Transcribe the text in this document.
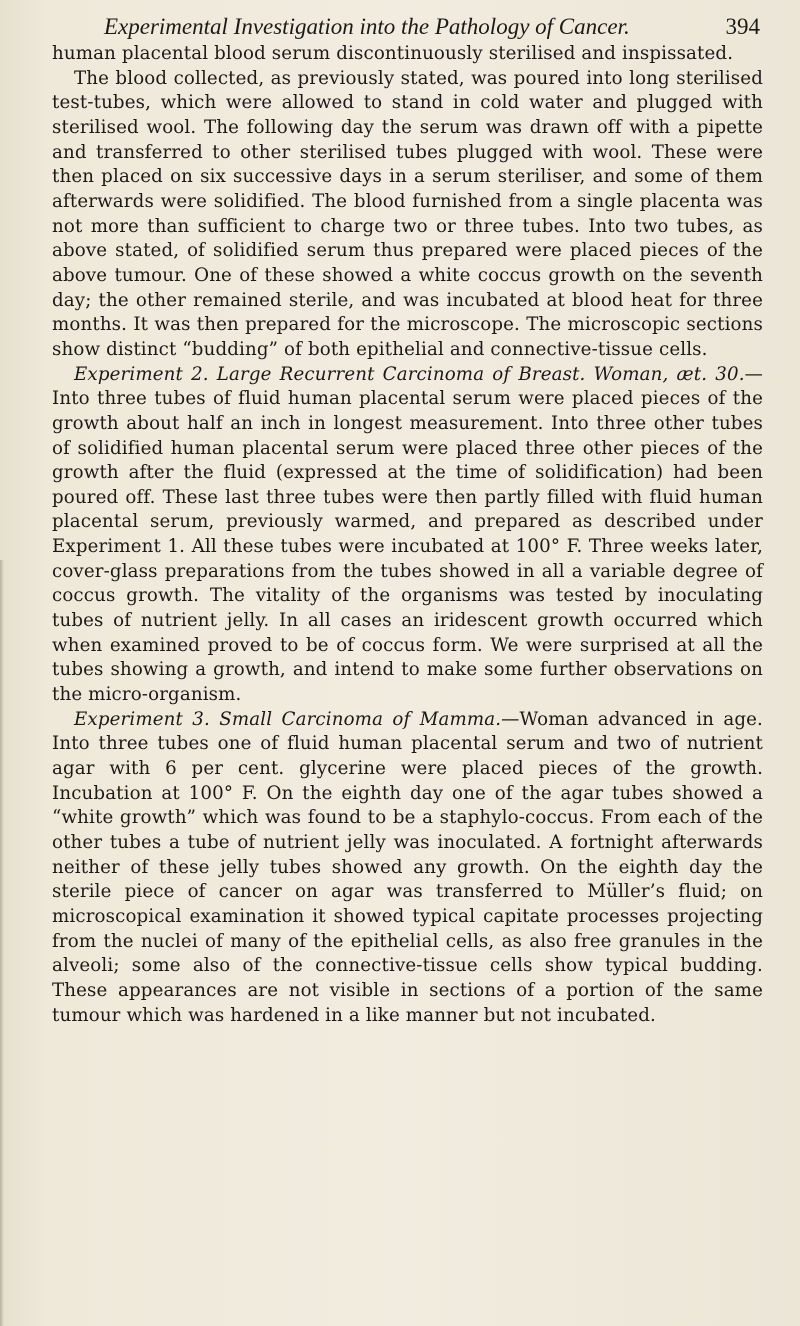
Experimental Investigation into the Pathology of Cancer.	394

human placental blood serum discontinuously sterilised and inspissated.

The blood collected, as previously stated, was poured into long sterilised test-tubes, which were allowed to stand in cold water and plugged with sterilised wool. The following day the serum was drawn off with a pipette and transferred to other sterilised tubes plugged with wool. These were then placed on six successive days in a serum steriliser, and some of them afterwards were solidified. The blood furnished from a single placenta was not more than sufficient to charge two or three tubes. Into two tubes, as above stated, of solidified serum thus prepared were placed pieces of the above tumour. One of these showed a white coccus growth on the seventh day; the other remained sterile, and was incubated at blood heat for three months. It was then prepared for the microscope. The microscopic sections show distinct “budding” of both epithelial and connective-tissue cells.

Experiment 2. Large Recurrent Carcinoma of Breast. Woman, æt. 30.—Into three tubes of fluid human placental serum were placed pieces of the growth about half an inch in longest measurement. Into three other tubes of solidified human placental serum were placed three other pieces of the growth after the fluid (expressed at the time of solidification) had been poured off. These last three tubes were then partly filled with fluid human placental serum, previously warmed, and prepared as described under Experiment 1. All these tubes were incubated at 100° F. Three weeks later, cover-glass preparations from the tubes showed in all a variable degree of coccus growth. The vitality of the organisms was tested by inoculating tubes of nutrient jelly. In all cases an iridescent growth occurred which when examined proved to be of coccus form. We were surprised at all the tubes showing a growth, and intend to make some further observations on the micro-organism.

Experiment 3. Small Carcinoma of Mamma.—Woman advanced in age. Into three tubes one of fluid human placental serum and two of nutrient agar with 6 per cent. glycerine were placed pieces of the growth. Incubation at 100° F. On the eighth day one of the agar tubes showed a “white growth” which was found to be a staphylo-coccus. From each of the other tubes a tube of nutrient jelly was inoculated. A fortnight afterwards neither of these jelly tubes showed any growth. On the eighth day the sterile piece of cancer on agar was transferred to Müller’s fluid; on microscopical examination it showed typical capitate processes projecting from the nuclei of many of the epithelial cells, as also free granules in the alveoli; some also of the connective-tissue cells show typical budding. These appearances are not visible in sections of a portion of the same tumour which was hardened in a like manner but not incubated.
